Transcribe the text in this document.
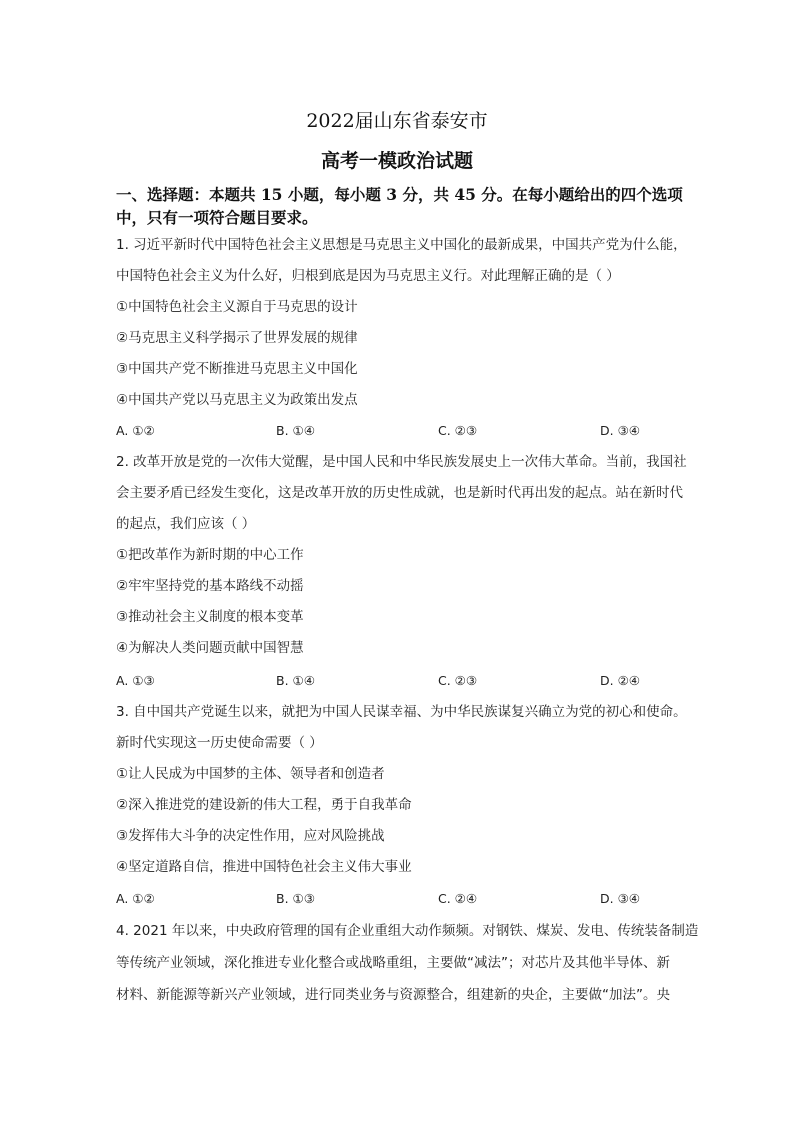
2022届山东省泰安市
高考一模政治试题
一、选择题：本题共 15 小题，每小题 3 分，共 45 分。在每小题给出的四个选项中，只有一项符合题目要求。
1. 习近平新时代中国特色社会主义思想是马克思主义中国化的最新成果，中国共产党为什么能，
中国特色社会主义为什么好，归根到底是因为马克思主义行。对此理解正确的是（ ）
①中国特色社会主义源自于马克思的设计
②马克思主义科学揭示了世界发展的规律
③中国共产党不断推进马克思主义中国化
④中国共产党以马克思主义为政策出发点
A. ①②	B. ①④	C. ②③	D. ③④
2. 改革开放是党的一次伟大觉醒，是中国人民和中华民族发展史上一次伟大革命。当前，我国社
会主要矛盾已经发生变化，这是改革开放的历史性成就，也是新时代再出发的起点。站在新时代
的起点，我们应该（ ）
①把改革作为新时期的中心工作
②牢牢坚持党的基本路线不动摇
③推动社会主义制度的根本变革
④为解决人类问题贡献中国智慧
A. ①③	B. ①④	C. ②③	D. ②④
3. 自中国共产党诞生以来，就把为中国人民谋幸福、为中华民族谋复兴确立为党的初心和使命。
新时代实现这一历史使命需要（ ）
①让人民成为中国梦的主体、领导者和创造者
②深入推进党的建设新的伟大工程，勇于自我革命
③发挥伟大斗争的决定性作用，应对风险挑战
④坚定道路自信，推进中国特色社会主义伟大事业
A. ①②	B. ①③	C. ②④	D. ③④
4. 2021 年以来，中央政府管理的国有企业重组大动作频频。对钢铁、煤炭、发电、传统装备制造
等传统产业领域，深化推进专业化整合或战略重组，主要做“减法”；对芯片及其他半导体、新
材料、新能源等新兴产业领域，进行同类业务与资源整合，组建新的央企，主要做“加法”。央
